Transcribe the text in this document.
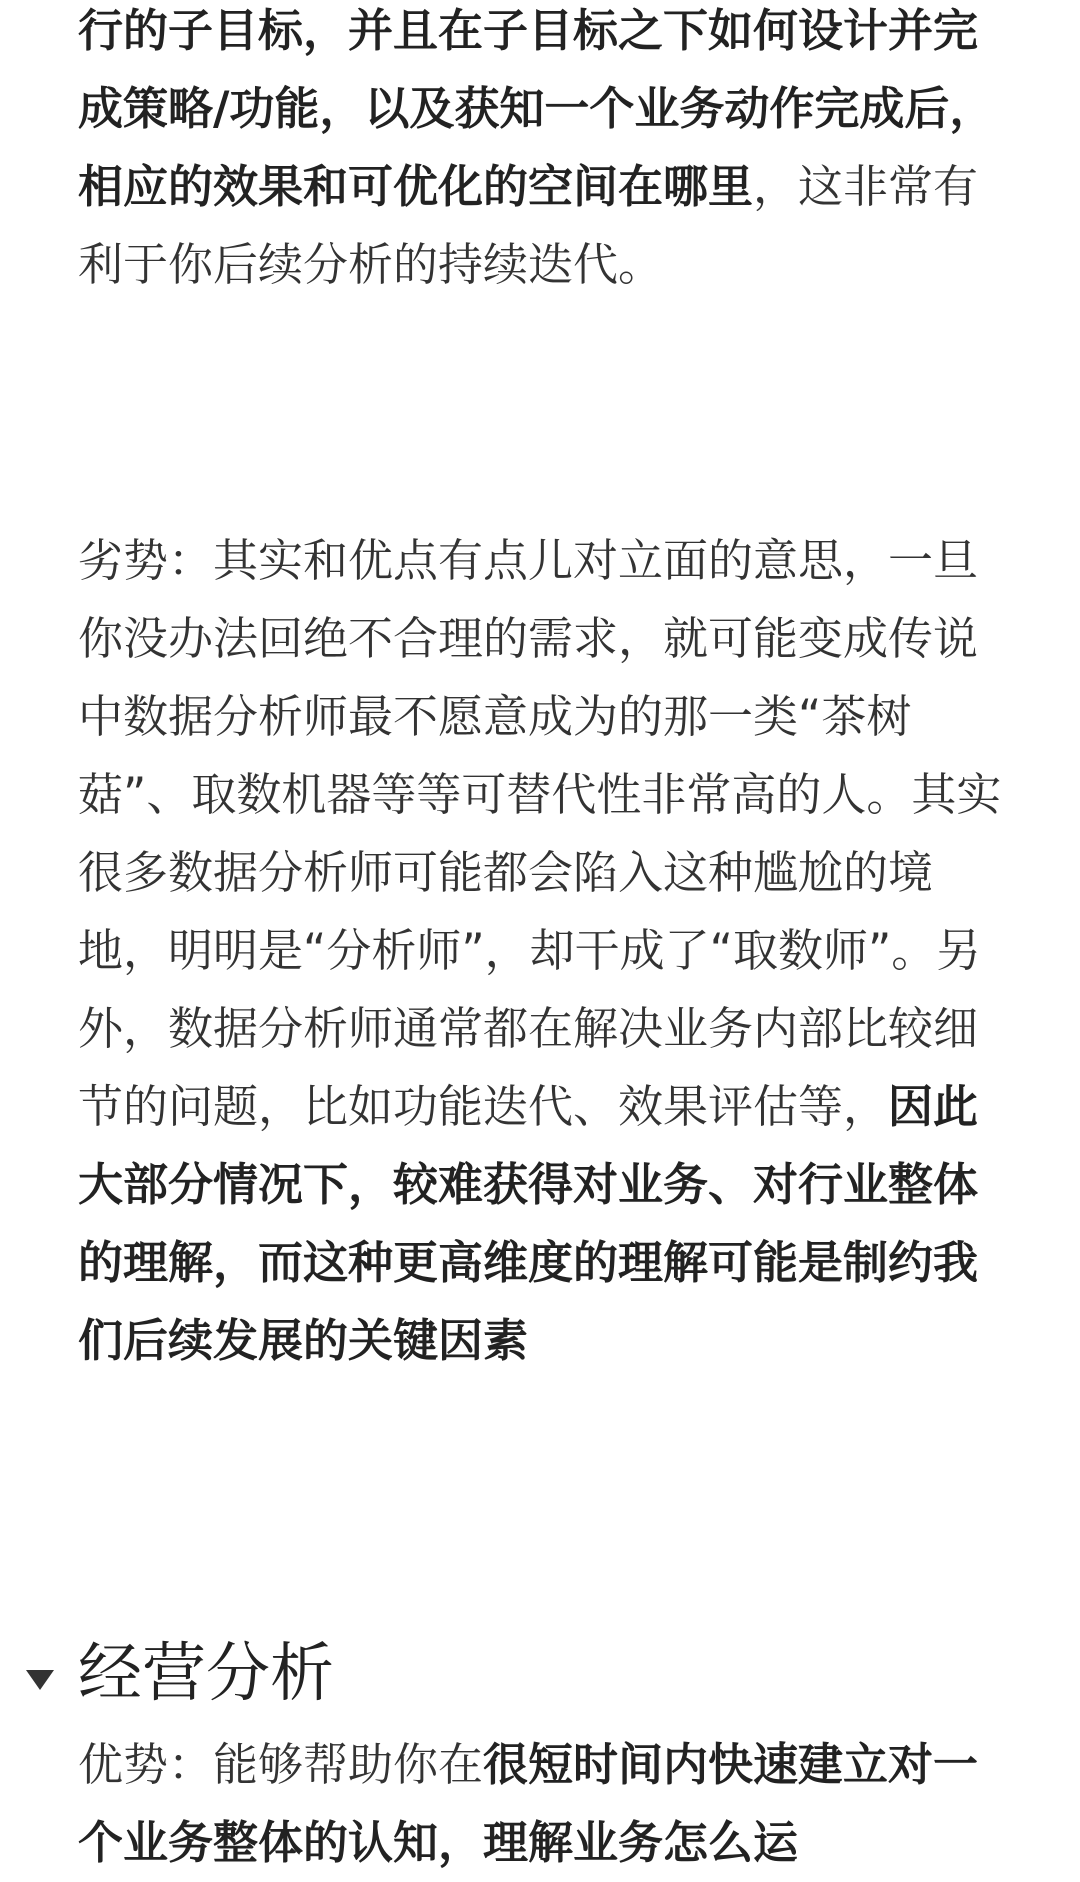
行的子目标，并且在子目标之下如何设计并完成策略/功能，以及获知一个业务动作完成后，相应的效果和可优化的空间在哪里，这非常有利于你后续分析的持续迭代。

劣势：其实和优点有点儿对立面的意思，一旦你没办法回绝不合理的需求，就可能变成传说中数据分析师最不愿意成为的那一类“茶树菇”、取数机器等等可替代性非常高的人。其实很多数据分析师可能都会陷入这种尴尬的境地，明明是“分析师”，却干成了“取数师”。另外，数据分析师通常都在解决业务内部比较细节的问题，比如功能迭代、效果评估等，因此大部分情况下，较难获得对业务、对行业整体的理解，而这种更高维度的理解可能是制约我们后续发展的关键因素

经营分析

优势：能够帮助你在很短时间内快速建立对一个业务整体的认知，理解业务怎么运
